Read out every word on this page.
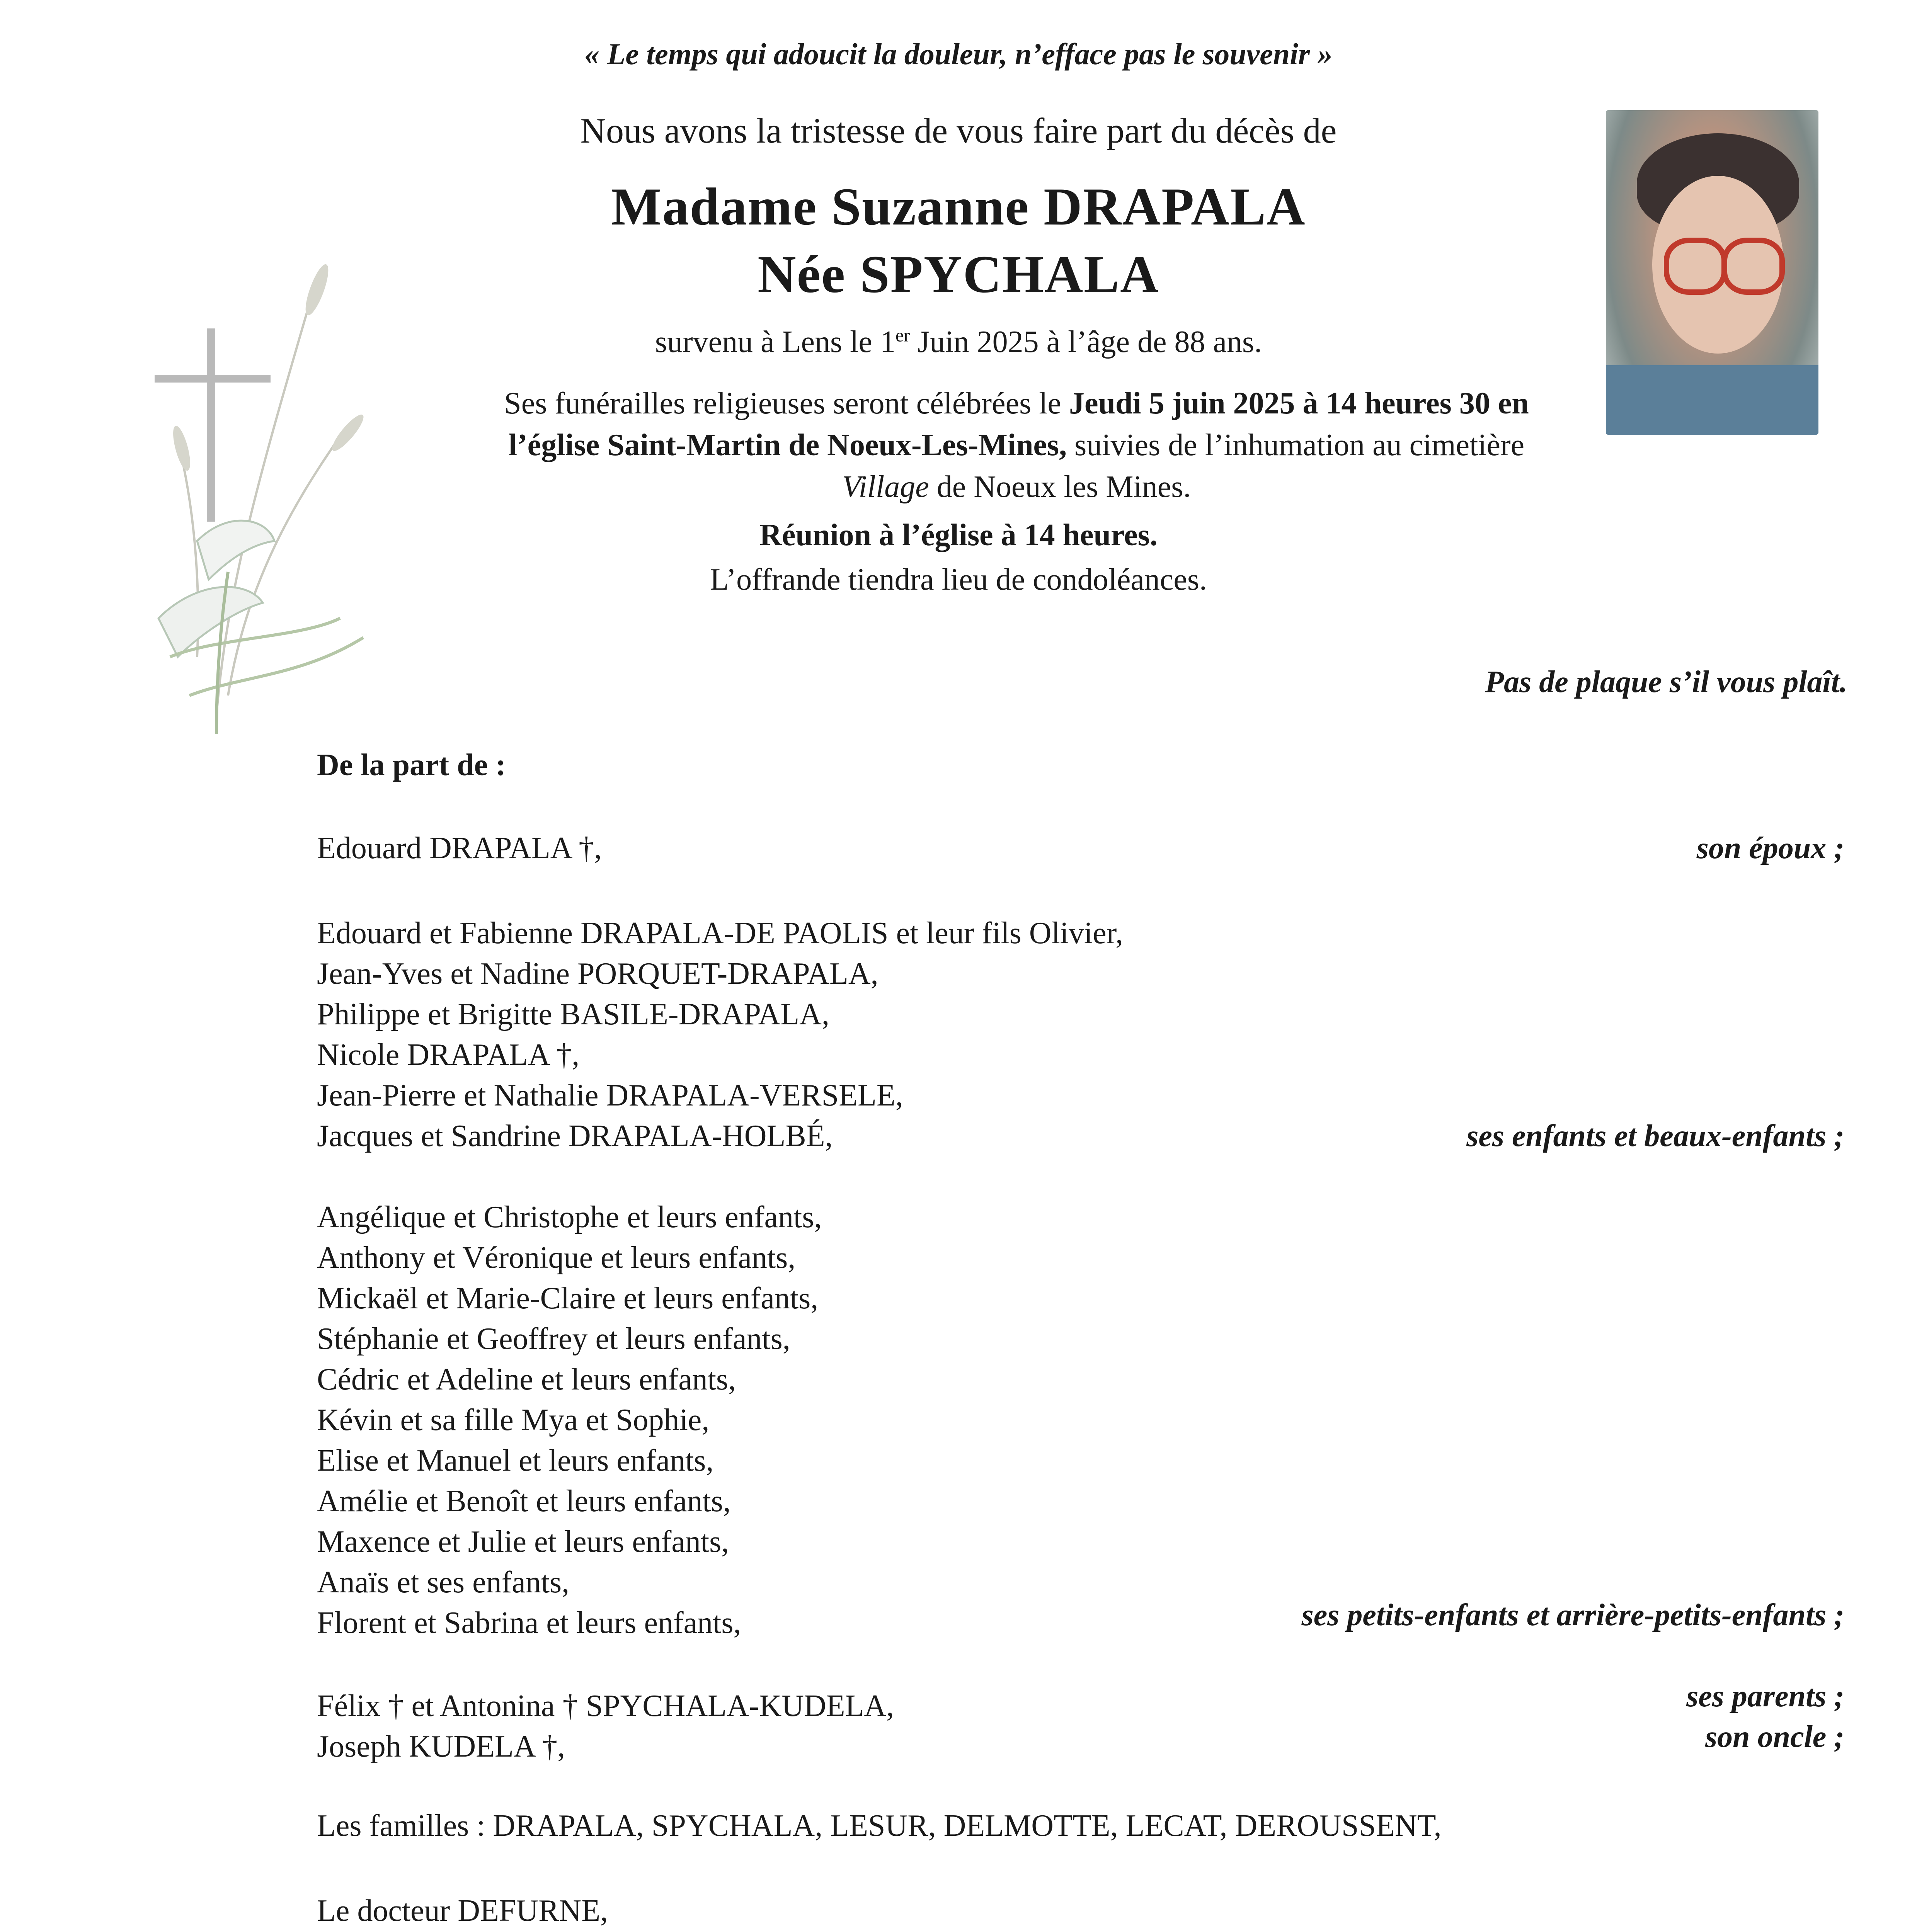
« Le temps qui adoucit la douleur, n’efface pas le souvenir »
Nous avons la tristesse de vous faire part du décès de
Madame Suzanne DRAPALA
Née SPYCHALA
survenu à Lens le 1er Juin 2025 à l’âge de 88 ans.
Ses funérailles religieuses seront célébrées le Jeudi 5 juin 2025 à 14 heures 30 en l’église Saint-Martin de Noeux-Les-Mines, suivies de l’inhumation au cimetière Village de Noeux les Mines.
Réunion à l’église à 14 heures.
L’offrande tiendra lieu de condoléances.
Pas de plaque s’il vous plaît.
De la part de :
Edouard DRAPALA †,	son époux ;
Edouard et Fabienne DRAPALA-DE PAOLIS et leur fils Olivier,
Jean-Yves et Nadine PORQUET-DRAPALA,
Philippe et Brigitte BASILE-DRAPALA,
Nicole DRAPALA †,
Jean-Pierre et Nathalie DRAPALA-VERSELE,
Jacques et Sandrine DRAPALA-HOLBÉ,	ses enfants et beaux-enfants ;
Angélique et Christophe et leurs enfants,
Anthony et Véronique et leurs enfants,
Mickaël et Marie-Claire et leurs enfants,
Stéphanie et Geoffrey et leurs enfants,
Cédric et Adeline et leurs enfants,
Kévin et sa fille Mya et Sophie,
Elise et Manuel et leurs enfants,
Amélie et Benoît et leurs enfants,
Maxence et Julie et leurs enfants,
Anaïs et ses enfants,
Florent et Sabrina et leurs enfants,	ses petits-enfants et arrière-petits-enfants ;
Félix † et Antonina † SPYCHALA-KUDELA,	ses parents ;
Joseph KUDELA †,	son oncle ;
Les familles : DRAPALA, SPYCHALA, LESUR, DELMOTTE, LECAT, DEROUSSENT,
Le docteur DEFURNE,
